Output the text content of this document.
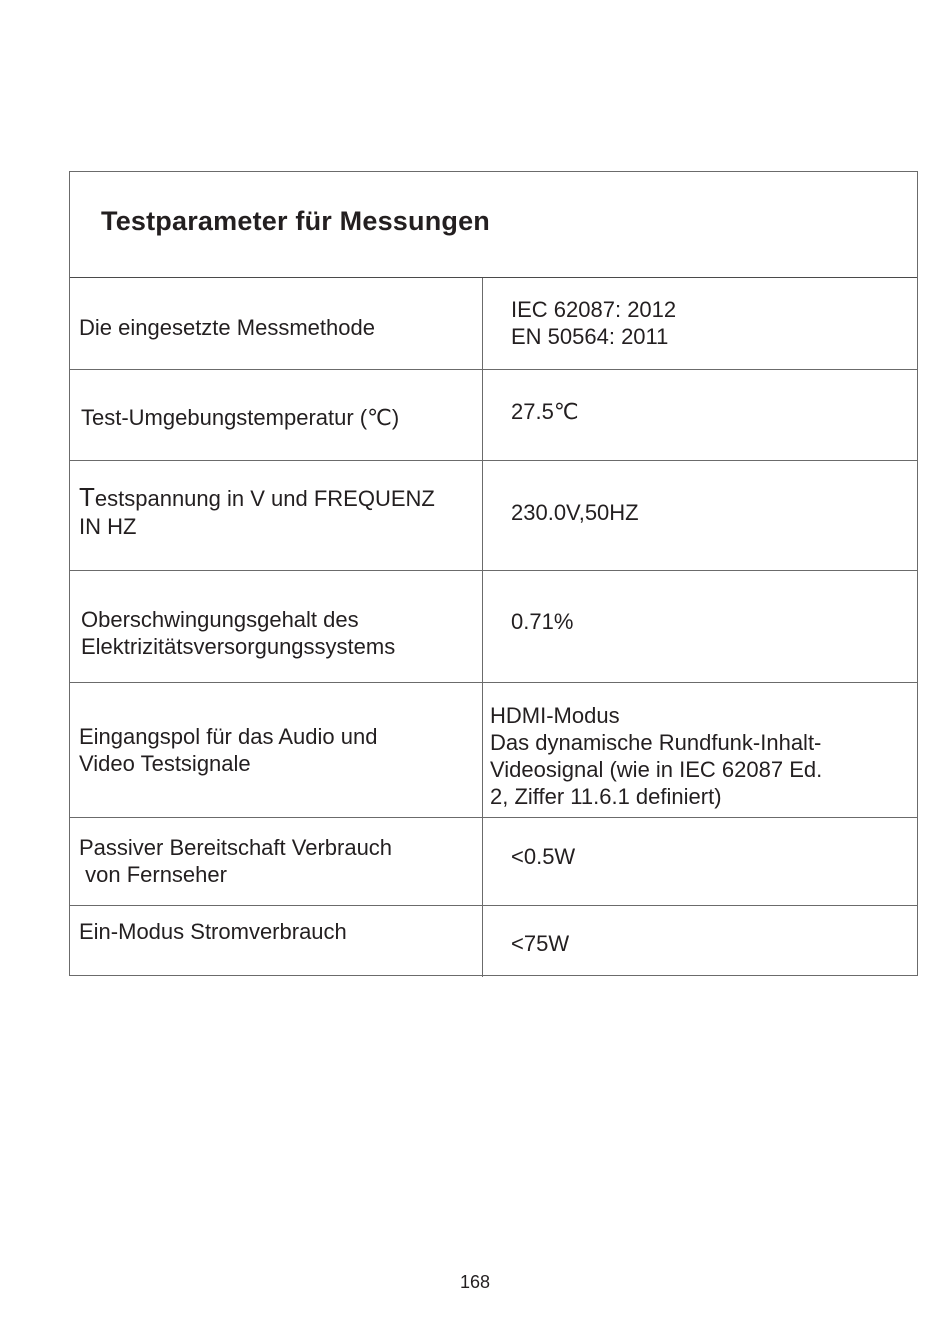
Testparameter für Messungen
Die eingesetzte Messmethode
IEC 62087: 2012
EN 50564: 2011
Test-Umgebungstemperatur (℃)	27.5℃
Testspannung in V und FREQUENZ
IN HZ
230.0V,50HZ
Oberschwingungsgehalt des
Elektrizitätsversorgungssystems
0.71%
Eingangspol für das Audio und
Video Testsignale
HDMI-Modus
Das dynamische Rundfunk-Inhalt-
Videosignal (wie in IEC 62087 Ed.
2, Ziffer 11.6.1 definiert)
Passiver Bereitschaft Verbrauch
von Fernseher
<0.5W
Ein-Modus Stromverbrauch	<75W
168
